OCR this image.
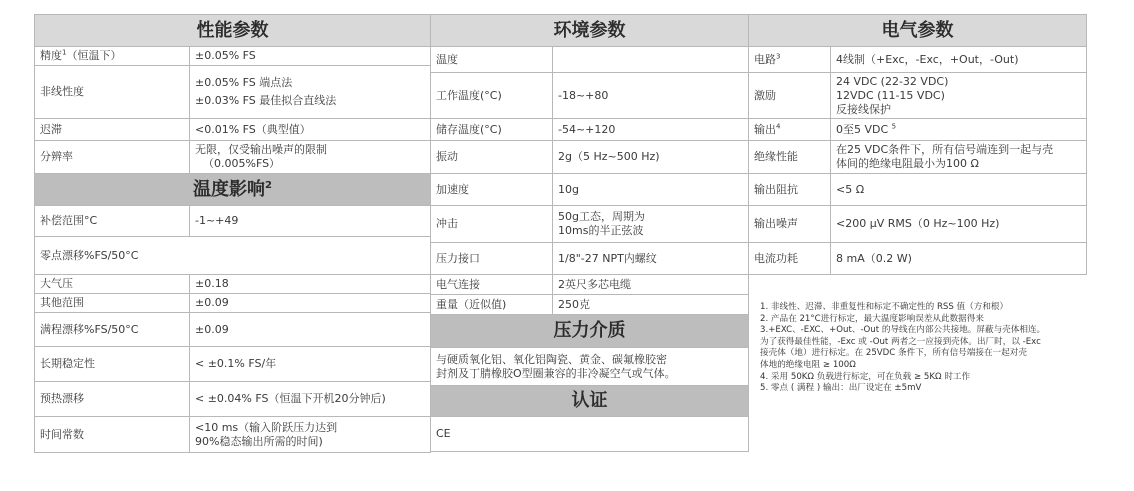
性能参数	
精度$^1$（恒温下）	±0.05% FS
非线性度	±0.05% FS 端点法
±0.03% FS 最佳拟合直线法

迟滞	<0.01% FS（典型值）
分辨率	无限，仅受输出噪声的限制
（0.005%FS）

温度影响$^2$
补偿范围°C	-1~+49
零点漂移%FS/50°C	
大气压	±0.18
其他范围	±0.09
满程漂移%FS/50°C	±0.09
长期稳定性	< ±0.1% FS/年
预热漂移	< ±0.04% FS（恒温下开机20分钟后)
时间常数	<10 ms（输入阶跃压力达到
90%稳态输出所需的时间)
环境参数	
温度	
工作温度(°C)	-18~+80
储存温度(°C)	-54~+120
振动	2g（5 Hz~500 Hz)
加速度	10g
冲击	50g工态，周期为
10ms的半正弦波

压力接口	1/8"-27 NPT内螺纹
电气连接	2英尺多芯电缆
重量（近似值)	250克
压力介质	

与硬质氧化铝、氧化铝陶瓷、黄金、碳氟橡胶密
封剂及丁腈橡胶O型圈兼容的非冷凝空气或气体。	

认证	
CE	
电气参数	
电路$^3$	4线制（+Exc，-Exc，+Out，-Out)
激励	24 VDC (22-32 VDC)
12VDC (11-15 VDC)
反接线保护

输出$^4$	0至5 VDC $^5$
绝缘性能	在25 VDC条件下，所有信号端连到一起与壳
体间的绝缘电阻最小为100 Ω

输出阻抗	<5 Ω
输出噪声	<200 µV RMS（0 Hz~100 Hz)
电流功耗	8 mA（0.2 W)
1. 非线性、迟滞、非重复性和标定不确定性的 RSS 值（方和根）
2. 产品在 21°C进行标定，最大温度影响误差从此数据得来
3.+EXC、-EXC、+Out、-Out 的导线在内部公共接地。屏蔽与壳体相连。
为了获得最佳性能，-Exc 或 -Out 两者之一应接到壳体。出厂时，以 -Exc
接壳体（地）进行标定。在 25VDC 条件下，所有信号端接在一起对壳
体地的绝缘电阻 ≥ 100Ω
4. 采用 50KΩ 负载进行标定，可在负载 ≥ 5KΩ 时工作
5. 零点 ( 满程 ) 输出：出厂设定在 ±5mV
